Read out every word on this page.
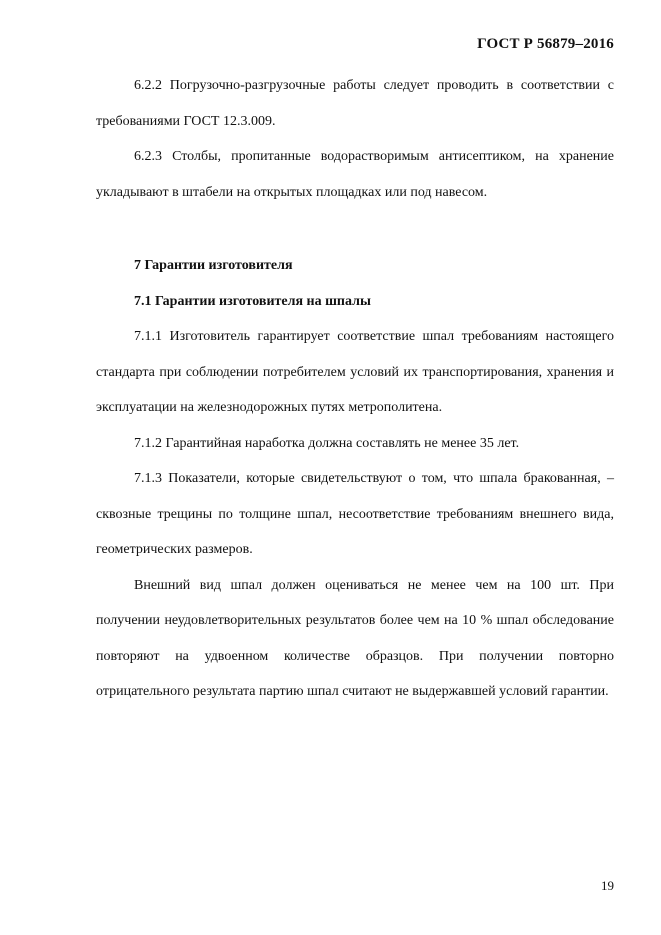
ГОСТ Р 56879–2016

6.2.2 Погрузочно-разгрузочные работы следует проводить в соответствии с требованиями ГОСТ 12.3.009.

6.2.3 Столбы, пропитанные водорастворимым антисептиком, на хранение укладывают в штабели на открытых площадках или под навесом.

7 Гарантии изготовителя

7.1 Гарантии изготовителя на шпалы

7.1.1 Изготовитель гарантирует соответствие шпал требованиям настоящего стандарта при соблюдении потребителем условий их транспортирования, хранения и эксплуатации на железнодорожных путях метрополитена.

7.1.2 Гарантийная наработка должна составлять не менее 35 лет.

7.1.3 Показатели, которые свидетельствуют о том, что шпала бракованная, – сквозные трещины по толщине шпал, несоответствие требованиям внешнего вида, геометрических размеров.

Внешний вид шпал должен оцениваться не менее чем на 100 шт. При получении неудовлетворительных результатов более чем на 10 % шпал обследование повторяют на удвоенном количестве образцов. При получении повторно отрицательного результата партию шпал считают не выдержавшей условий гарантии.

19
